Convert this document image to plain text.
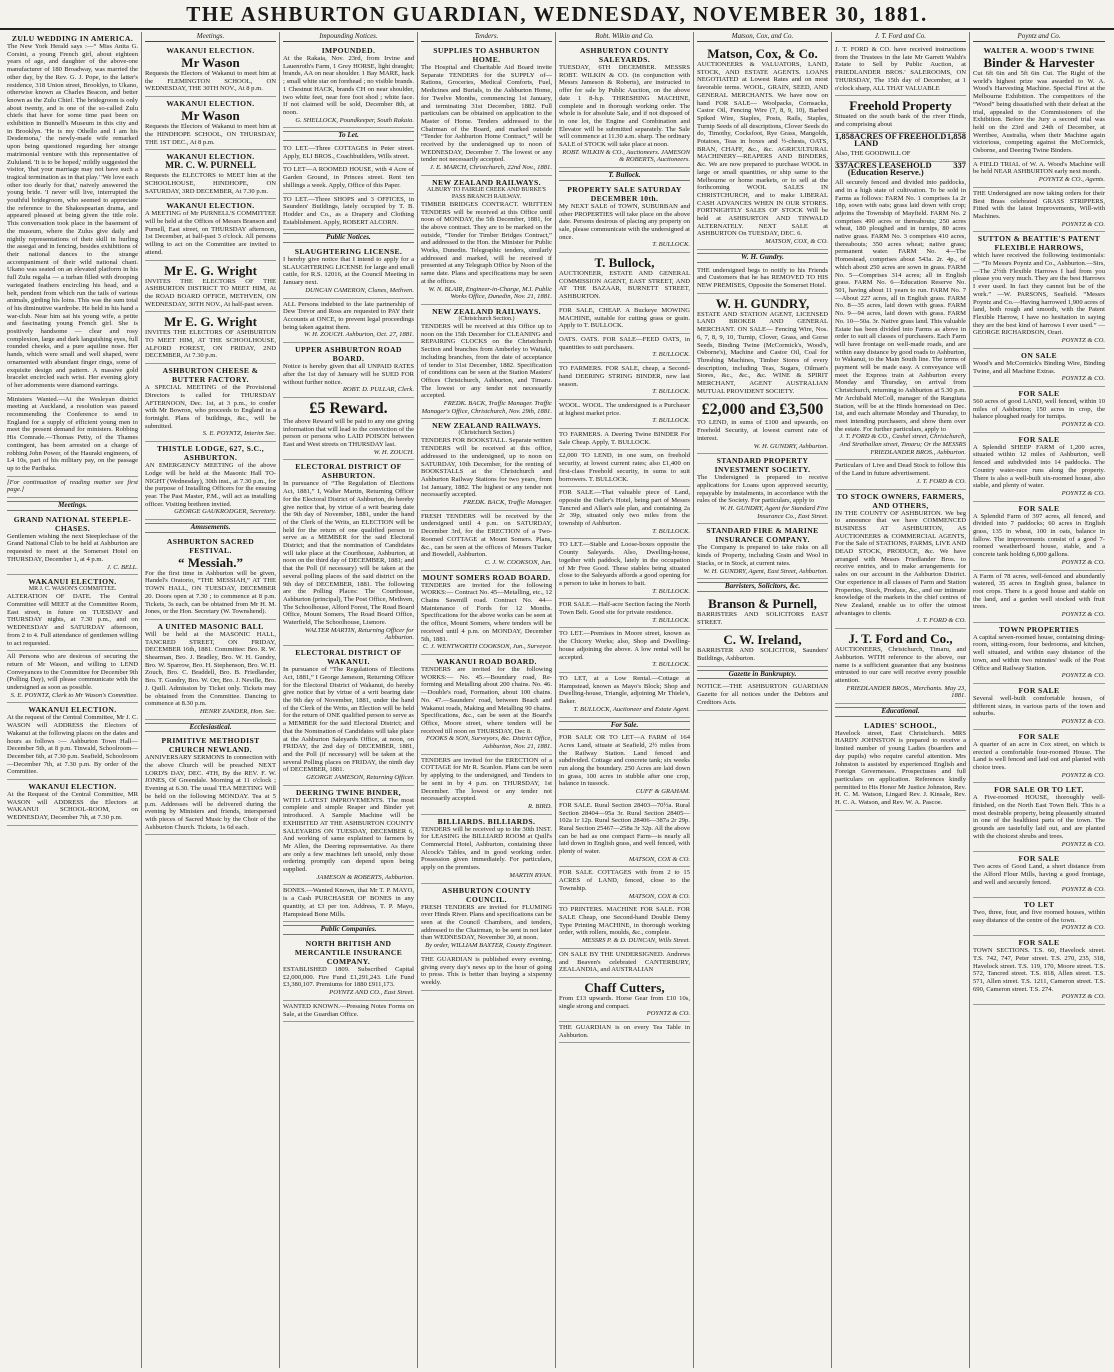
THE ASHBURTON GUARDIAN, WEDNESDAY, NOVEMBER 30, 1881.
ZULU WEDDING IN AMERICA.
The New York Herald says :—“ Miss Anita G. Corsini, a young French girl, about eighteen years of age, and daughter of the above-one manufacturer of 180 Broadway, was married the other day, by the Rev. G. J. Pope, to the latter's residence, 318 Union street, Brooklyn, to Ukano, otherwise known as Charles Beacon, and better known as the Zulu Chief. The bridegroom is only about twenty, and is one of the so-called Zulu chiefs that have for some time past been on exhibition in Bunnell's Museum in this city and in Brooklyn. 'He is my Othello and I am his Desdemona,' the newly-made wife remarked upon being questioned regarding her strange matrimonial venture with this representative of Zululand. 'It is to be hoped,' mildly suggested the visitor, 'that your marriage may not have such a tragical termination as in that play.' 'We love each other too dearly for that,' naively answered the young bride. 'I never will live, interrupted the youthful bridegroom, who seemed to appreciate the reference to the Shakespearian drama, and appeared pleased at being given the title role. This conversation took place in the basement of the museum, where the Zulus give daily and nightly representations of their skill in hurling the assegai and in fencing, besides exhibitions of their national dances to the strange accompaniment of their wild national chant. Ukano was seated on an elevated platform in his full Zulu regalia — a turban filled with drooping variegated feathers encircling his head, and a belt, pendent from which run the tails of various animals, girding his loins. This was the sum total of his diminutive wardrobe. He held in his hand a war-club. Near him sat his young wife, a petite and fascinating young French girl. She is positively handsome — clear and rosy complexion, large and dark languishing eyes, full rounded cheeks, and a pure aquiline nose. Her hands, which were small and well shaped, were ornamented with abundant finger rings, some of exquisite design and pattern. A massive gold bracelet encircled each wrist. Her evening glory of her adornments were diamond earrings.
Ministers Wanted.—At the Wesleyan district meeting at Auckland, a resolution was passed recommending the Conference to send to England for a supply of efficient young men to meet the present demand for ministers. Robbing His Comrade.—Thomas Petty, of the Thames contingent, has been arrested on a charge of robbing John Power, of the Hauraki engineers, of L4 10s, part of his military pay, on the passage up to the Parihaka.
[For continuation of reading matter see first page.]
Meetings.
GRAND NATIONAL STEEPLE-CHASES.
Gentlemen wishing the next Steeplechase of the Grand National Club to be held at Ashburton are requested to meet at the Somerset Hotel on THURSDAY, December 1, at 4 p.m.
J. C. BELL.
WAKANUI ELECTION.
MR J. C. WASON'S COMMITTEE.
ALTERATION OF DATE. The Central Committee will MEET at the Committee Room, East street, in future on TUESDAY and THURSDAY nights, at 7.30 p.m., and on WEDNESDAY and SATURDAY afternoon, from 2 to 4. Full attendance of gentlemen willing to act requested.
All Persons who are desirous of securing the return of Mr Wason, and willing to LEND Conveyances to the Committee for December 9th (Polling Day), will please communicate with the undersigned as soon as possible.
S. E. POYNTZ, Clerk to Mr Wason's Committee.
WAKANUI ELECTION.
At the request of the Central Committee, Mr J. C. WASON will ADDRESS the Electors of Wakanui at the following places on the dates and hours as follows :— Ashburton Town Hall—December 5th, at 8 p.m. Tinwald, Schoolroom—December 6th, at 7.30 p.m. Seafield, Schoolroom—December 7th, at 7.30 p.m. By order of the Committee.
WAKANUI ELECTION.
At the Request of the Central Committee, MR WASON will ADDRESS the Electors at WAKANUI SCHOOL-ROOM, on WEDNESDAY, December 7th, at 7.30 p.m.
Meetings.
WAKANUI ELECTION.
Mr Wason
Requests the Electors of Wakanui to meet him at the FLEMINGTON SCHOOL, ON WEDNESDAY, THE 30TH NOV., At 8 p.m.
WAKANUI ELECTION.
Mr Wason
Requests the Electors of Wakanui to meet him at the HINDHOPE SCHOOL, ON THURSDAY, THE 1ST DEC., At 8 p.m.
WAKANUI ELECTION.
MR. C. W. PURNELL
Requests the ELECTORS to MEET him at the SCHOOLHOUSE, HINDHOPE, ON SATURDAY, 3RD DECEMBER, At 7.30 p.m.
WAKANUI ELECTION.
A MEETING of Mr PURNELL'S COMMITTEE will be held at the Offices of Messrs Branson and Purnell, East street, on THURSDAY afternoon, 1st December, at half-past 3 o'clock. All persons willing to act on the Committee are invited to attend.
Mr E. G. Wright
INVITES THE ELECTORS OF THE ASHBURTON DISTRICT TO MEET HIM, At the ROAD BOARD OFFICE, METHVEN, ON WEDNESDAY, 30TH NOV., At half-past seven.
Mr E. G. Wright
INVITES THE ELECTORS OF ASHBURTON TO MEET HIM, AT THE SCHOOLHOUSE, ALFORD FOREST, ON FRIDAY, 2ND DECEMBER, At 7.30 p.m.
ASHBURTON CHEESE & BUTTER FACTORY.
A SPECIAL MEETING of the Provisional Directors is called for THURSDAY AFTERNOON, Dec. 1st, at 3 p.m., to confer with Mr Bowron, who proceeds to England in a fortnight. Plans of buildings, &c., will be submitted.
S. E. POYNTZ, Interim Sec.
THISTLE LODGE, 627, S.C., ASHBURTON.
AN EMERGENCY MEETING of the above Lodge will be held at the Masonic Hall TO-NIGHT (Wednesday), 30th inst., at 7.30 p.m., for the purpose of Installing Officers for the ensuing year. The Past Master, P.M., will act as installing officer. Visiting brethren invited.
GEORGE GAUKRODGER, Secretary.
Amusements.
ASHBURTON SACRED FESTIVAL.
“ Messiah.”
For the first time in Ashburton will be given, Handel's Oratorio, “THE MESSIAH,” AT THE TOWN HALL, ON TUESDAY, DECEMBER 20. Doors open at 7.30 ; to commence at 8 p.m. Tickets, 3s each, can be obtained from Mr H. M. Jones, or the Hon. Secretary (W. Townshend).
A UNITED MASONIC BALL
Will be held at the MASONIC HALL, TANCRED STREET, ON FRIDAY, DECEMBER 16th, 1881. Committee: Bro. R. W. Shearman, Bro. J. Bradley, Bro. W. H. Gundry, Bro. W. Sparrow, Bro. H. Stephenson, Bro. W. H. Zouch, Bro. C. Braddell, Bro. B. Friedlander, Bro. T. Gundry, Bro. W. Orr, Bro. J. Neville, Bro. J. Quill. Admission by Ticket only. Tickets may be obtained from the Committee. Dancing to commence at 8.30 p.m.
HENRY ZANDER, Hon. Sec.
Ecclesiastical.
PRIMITIVE METHODIST CHURCH NEWLAND.
ANNIVERSARY SERMONS In connection with the above Church will be preached NEXT LORD'S DAY, DEC. 4TH, By the REV. F. W. JONES, Of Greendale. Morning at 11 o'clock ; Evening at 6.30. The usual TEA MEETING Will be held on the following MONDAY. Tea at 5 p.m. Addresses will be delivered during the evening by Ministers and friends, interspersed with pieces of Sacred Music by the Choir of the Ashburton Church. Tickets, 1s 6d each.
Impounding Notices.
IMPOUNDED.
At the Rakaia, Nov. 23rd, from Irvine and Lauenroth's Farm, 1 Grey HORSE, light draught; brands, AA on near shoulder. 1 Bay MARE, hack ; small white star on forehead ; no visible brands. 1 Chestnut HACK, brands CH on near shoulder, two white feet, near fore foot shod ; white face. If not claimed will be sold, December 8th, at noon.
G. SHELLOCK, Poundkeeper, South Rakaia.
To Let.
TO LET.—Three COTTAGES in Peter street. Apply, ELI BROS., Coachbuilders, Wills street.
TO LET—A ROOMED HOUSE, with 4 Acre of Garden Ground, in Princes street. Rent ten shillings a week. Apply, Office of this Paper.
TO LET.—Three SHOPS and 3 OFFICES, in Saunders' Buildings, lately occupied by T. B. Hodder and Co., as a Drapery and Clothing Establishment. Apply, ROBERT ALCORN.
Public Notices.
SLAUGHTERING LICENSE.
I hereby give notice that I intend to apply for a SLAUGHTERING LICENSE for large and small cattle, for R.S. 12016, at the Council Meeting in January next.
DUNCAN CAMERON, Clunes, Methven.
ALL Persons indebted to the late partnership of Dew Trevor and Ross are requested to PAY their Accounts at ONCE, to prevent legal proceedings being taken against them.
W. H. ZOUCH. Ashburton, Oct. 27, 1881.
UPPER ASHBURTON ROAD BOARD.
Notice is hereby given that all UNPAID RATES after the 1st day of January will be SUED FOR without further notice.
ROBT. D. PULLAR, Clerk.
£5 Reward.
The above Reward will be paid to any one giving information that will lead to the conviction of the person or persons who LAID POISON between East and West streets on THURSDAY last.
W. H. ZOUCH.
ELECTORAL DISTRICT OF ASHBURTON.
In pursuance of “The Regulation of Elections Act, 1881,” I, Walter Martin, Returning Officer for the Electoral District of Ashburton, do hereby give notice that, by virtue of a writ bearing date the 9th day of November, 1881, under the hand of the Clerk of the Writs, an ELECTION will be held for the return of one qualified person to serve as a MEMBER for the said Electoral District; and that the nomination of Candidates will take place at the Courthouse, Ashburton, at noon on the third day of DECEMBER, 1881; and that the Poll (if necessary) will be taken at the several polling places of the said district on the 9th day of DECEMBER, 1881. The following are the Polling Places: The Courthouse, Ashburton (principal), The Post Office, Methven, The Schoolhouse, Alford Forest, The Road Board Office, Mount Somers, The Road Board Office, Waterfield, The Schoolhouse, Lismore.
WALTER MARTIN, Returning Officer for Ashburton.
ELECTORAL DISTRICT OF WAKANUI.
In pursuance of “The Regulations of Elections Act, 1881,” I George Jameson, Returning Officer for the Electoral District of Wakanui, do hereby give notice that by virtue of a writ bearing date the 9th day of November, 1881, under the hand of the Clerk of the Writs, an Election will be held for the return of ONE qualified person to serve as a MEMBER for the said Electoral District; and that the Nomination of Candidates will take place at the Ashburton Saleyards Office, at noon, on FRIDAY, the 2nd day of DECEMBER, 1881, and the Poll (if necessary) will be taken at the several Polling places on FRIDAY, the ninth day of DECEMBER, 1881.
GEORGE JAMESON, Returning Officer.
DEERING TWINE BINDER,
WITH LATEST IMPROVEMENTS. The most complete and simple Reaper and Binder yet introduced. A Sample Machine will be EXHIBITED AT THE ASHBURTON COUNTY SALEYARDS ON TUESDAY, DECEMBER 6, And working of same explained to farmers by Mr Allen, the Deering representative. As there are only a few machines left unsold, only those ordering promptly can depend upon being supplied.
JAMESON & ROBERTS, Ashburton.
BONES.—Wanted Known, that Mr T. P. MAYO, is a Cash PURCHASER OF BONES in any quantity, at £3 per ton. Address, T. P. Mayo, Hampstead Bone Mills.
Public Companies.
NORTH BRITISH AND MERCANTILE INSURANCE COMPANY.
ESTABLISHED 1809. Subscribed Capital £2,000,000. Fire Fund £1,291,243. Life Fund £3,380,107. Premiums for 1880 £911,173.
POYNTZ AND CO., East Street.
WANTED KNOWN.—Pressing Notes Forms on Sale, at the Guardian Office.
Tenders.
SUPPLIES TO ASHBURTON HOME.
The Hospital and Charitable Aid Board invite Separate TENDERS for the SUPPLY of— Rations, Groceries, Medical Comforts, Fuel, Medicines and Burials, to the Ashburton Home, for Twelve Months, commencing 1st January, and terminating 31st December, 1882. Full particulars can be obtained on application to the Master of Home. Tenders addressed to the Chairman of the Board, and marked outside “Tender for Ashburton Home Contract,” will be received by the undersigned up to noon of WEDNESDAY, December 7. The lowest or any tender not necessarily accepted.
J. E. MARCH, Christchurch, 22nd Nov., 1881.
NEW ZEALAND RAILWAYS.
ALBURY TO FAIRLIE CREEK AND BURKE'S PASS BRANCH RAILWAY.
TIMBER BRIDGES CONTRACT. WRITTEN TENDERS will be received at this Office until noon of MONDAY, the 5th December, 1881, for the above contract. They are to be marked on the outside, “Tender for Timber Bridges Contract,” and addressed to the Hon. the Minister for Public Works, Dunedin. Telegraphic tenders, similarly addressed and marked, will be received if presented at any Telegraph Office by Noon of the same date. Plans and specifications may be seen at the offices.
W. N. BLAIR, Engineer-in-Charge, M.I. Public Works Office, Dunedin, Nov. 21, 1881.
NEW ZEALAND RAILWAYS.
(Christchurch Section.)
TENDERS will be received at this Office up to noon on the 15th December for CLEANING and REPAIRING CLOCKS on the Christchurch Section and branches from Amberley to Waitaki, including branches, from the date of acceptance of tender to 31st December, 1882. Specification of conditions can be seen at the Station Masters' Offices Christchurch, Ashburton, and Timaru. The lowest or any tender not necessarily accepted.
FREDK. BACK, Traffic Manager. Traffic Manager's Office, Christchurch, Nov. 29th, 1881.
NEW ZEALAND RAILWAYS.
(Christchurch Section.)
TENDERS FOR BOOKSTALL. Separate written TENDERS will be received at this office, addressed to the undersigned, up to noon on SATURDAY, 10th December, for the renting of BOOKSTALLS at the Christchurch and Ashburton Railway Stations for two years, from 1st January, 1882. The highest or any tender not necessarily accepted.
FREDK. BACK, Traffic Manager.
FRESH TENDERS will be received by the undersigned until 4 p.m. on SATURDAY, December 3rd, for the ERECTION of a Two-Roomed COTTAGE at Mount Somers. Plans, &c., can be seen at the offices of Messrs Tucker and Bowdell, Ashburton.
C. J. W. COOKSON, Jun.
MOUNT SOMERS ROAD BOARD.
TENDERS are invited for the following WORKS:— Contract No. 45—Metalling, etc., 12 Chains Sawmill road. Contract No. 44—Maintenance of Fords for 12 Months. Specifications for the above works can be seen at the office, Mount Somers, where tenders will be received until 4 p.m. on MONDAY, December 5th, 1881.
C. J. WENTWORTH COOKSON, Jun., Surveyor.
WAKANUI ROAD BOARD.
TENDERS are invited for the following WORKS:— No. 45.—Boundary road, Re-forming and Metalling about 200 chains. No. 46.—Double's road, Formation, about 100 chains. No. 47.—Saunders' road, between Beach and Wakanui roads, Making and Metalling 90 chains. Specifications, &c., can be seen at the Board's Office, Moore street, where tenders will be received till noon on THURSDAY, Dec 8.
FOOKS & SON, Surveyors, &c. District Office, Ashburton, Nov. 21, 1881.
TENDERS are invited for the ERECTION of a COTTAGE for Mr R. Scanlon. Plans can be seen by applying to the undersigned, and Tenders to be sent in by 4 p.m. on THURSDAY, 1st December. The lowest or any tender not necessarily accepted.
R. BIRD.
BILLIARDS. BILLIARDS.
TENDERS will be received up to the 30th INST. for LEASING the BILLIARD ROOM at Quill's Commercial Hotel, Ashburton, containing three Alcock's Tables, and in good working order. Possession given immediately. For particulars, apply on the premises.
MARTIN RYAN.
ASHBURTON COUNTY COUNCIL.
FRESH TENDERS are invited for FLUMING over Hinds River. Plans and specifications can be seen at the Council Chambers, and tenders, addressed to the Chairman, to be sent in not later than WEDNESDAY, November 30, at noon.
By order, WILLIAM BAXTER, County Engineer.
THE GUARDIAN is published every evening, giving every day's news up to the hour of going to press. This is better than buying a sixpenny weekly.
Robt. Wilkin and Co.
ASHBURTON COUNTY SALEYARDS.
TUESDAY, 6TH DECEMBER. MESSRS ROBT. WILKIN & CO. (in conjunction with Messrs Jameson & Roberts), are instructed to offer for sale by Public Auction, on the above date 1 8-h.p. THRESHING MACHINE, complete and in thorough working order. The whole is for absolute Sale, and if not disposed of in one lot, the Engine and Combination and Elevator will be submitted separately. The Sale will commence at 11.30 a.m. sharp. The ordinary SALE of STOCK will take place at noon.
ROBT. WILKIN & CO., Auctioneers. JAMESON & ROBERTS, Auctioneers.
T. Bullock.
PROPERTY SALE SATURDAY DECEMBER 10th.
My NEXT SALE of TOWN, SUBURBAN and other PROPERTIES will take place on the above date. Persons desirous of placing any property on sale, please communicate with the undersigned at once.
T. BULLOCK.
T. Bullock,
AUCTIONEER, ESTATE AND GENERAL COMMISSION AGENT, EAST STREET, AND AT THE BAZAAR, BURNETT STREET, ASHBURTON.
FOR SALE, CHEAP. A Buckeye MOWING MACHINE, suitable for cutting grass or grain. Apply to T. BULLOCK.
OATS. OATS. FOR SALE—FEED OATS, in quantities to suit purchasers.
T. BULLOCK.
TO FARMERS. FOR SALE, cheap, a Second-hand DEERING STRING BINDER, new last season.
T. BULLOCK.
WOOL. WOOL. The undersigned is a Purchaser at highest market price.
T. BULLOCK.
TO FARMERS. A Deering Twine BINDER For Sale Cheap. Apply, T. BULLOCK.
£2,000 TO LEND, in one sum, on freehold security, at lowest current rates; also £1,400 on first-class Freehold security, in sums to suit borrowers. T. BULLOCK.
FOR SALE.—That valuable piece of Land, opposite the Ostler's Hotel, being part of Messrs Tancred and Allan's sale plan, and containing 2a 2r 39p, situated only two miles from the township of Ashburton.
T. BULLOCK.
TO LET.—Stable and Loose-boxes opposite the County Saleyards. Also, Dwelling-house, together with paddock, lately in the occupation of Mr Free Good. These stables being situated close to the Saleyards affords a good opening for a person to take in horses to bait.
T. BULLOCK.
FOR SALE.—Half-acre Section facing the North Town Belt. Good site for private residence.
T. BULLOCK.
TO LET.—Premises in Moore street, known as the Chicory Works; also, Shop and Dwelling-house adjoining the above. A low rental will be accepted.
T. BULLOCK.
TO LET, at a Low Rental.—Cottage at Hampstead, known as Mayo's Block; Shop and Dwelling-house, Triangle, adjoining Mr Thiele's, Baker.
T. BULLOCK, Auctioneer and Estate Agent.
For Sale.
FOR SALE OR TO LET—A FARM of 164 Acres Land, situate at Seafield, 2½ miles from the Railway Station. Land fenced and subdivided. Cottage and concrete tank; six weeks run along the boundary. 250 Acres are laid down in grass, 100 acres in stubble after one crop, balance in tussock.
CUFF & GRAHAM.
FOR SALE. Rural Section 28403—70½a. Rural Section 28404—95a 3r. Rural Section 28405—102a 1r 12p. Rural Section 28406—387a 2r 29p. Rural Section 25467—258a 3r 32p. All the above can be had as one compact Farm—is nearly all laid down in English grass, and well fenced, with plenty of water.
MATSON, COX & CO.
FOR SALE. COTTAGES with from 2 to 15 ACRES of LAND, fenced, close to the Township.
MATSON, COX & CO.
TO PRINTERS. MACHINE FOR SALE. FOR SALE Cheap, one Second-hand Double Demy Type Printing MACHINE, in thorough working order, with rollers, moulds, &c., complete.
MESSRS P. & D. DUNCAN, Wills Street.
ON SALE BY THE UNDERSIGNED. Andrews and Beaven's celebrated CANTERBURY, ZEALANDIA, and AUSTRALIAN
Chaff Cutters,
From £13 upwards. Horse Gear from £10 10s, single strong and compact.
POYNTZ & CO.
THE GUARDIAN is on every Tea Table in Ashburton.
Matson, Cox, and Co.
Matson, Cox, & Co.
AUCTIONEERS & VALUATORS, LAND, STOCK, AND ESTATE AGENTS. LOANS NEGOTIATED at Lowest Rates and on most favorable terms. WOOL, GRAIN, SEED, AND GENERAL MERCHANTS. We have now on hand FOR SALE— Woolpacks, Cornsacks, Castor Oil, Fencing Wire (7, 8, 9, 10), Barbed Spiked Wire, Staples, Posts, Rails, Staples, Turnip Seeds of all descriptions, Clover Seeds do do, Timothy, Cocksfoot, Rye Grass, Mangolds, Potatoes, Teas in boxes and ½-chests, OATS, BRAN, CHAFF, &c., &c. AGRICULTURAL MACHINERY—REAPERS AND BINDERS, &c. We are now prepared to purchase WOOL in large or small quantities, or ship same to the Melbourne or home markets, or to sell at the forthcoming WOOL SALES IN CHRISTCHURCH, and to make LIBERAL CASH ADVANCES WHEN IN OUR STORES. FORTNIGHTLY SALES OF STOCK Will be held at ASHBURTON AND TINWALD ALTERNATELY. NEXT SALE at ASHBURTON On TUESDAY, DEC. 6.
MATSON, COX, & CO.
W. H. Gundry.
THE undersigned begs to notify to his Friends and Customers that he has REMOVED TO HIS NEW PREMISES, Opposite the Somerset Hotel.
W. H. GUNDRY,
ESTATE AND STATION AGENT, LICENSED LAND BROKER AND GENERAL MERCHANT. ON SALE— Fencing Wire, Nos. 6, 7, 8, 9, 10, Turnip, Clover, Grass, and Gorse Seeds, Binding Twine (McCormick's, Wood's, Osborne's), Machine and Castor Oil, Coal for Threshing Machines, Timber Stores of every description, including Teas, Sugars, Oilman's Stores, &c., &c., &c. WINE & SPIRIT MERCHANT, AGENT AUSTRALIAN MUTUAL PROVIDENT SOCIETY.
£2,000 and £3,500
TO LEND, in sums of £100 and upwards, on Freehold Security, at lowest current rate of interest.
W. H. GUNDRY, Ashburton.
STANDARD PROPERTY INVESTMENT SOCIETY.
The Undersigned is prepared to receive applications for Loans upon approved security, repayable by instalments, in accordance with the rules of the Society. For particulars, apply to
W. H. GUNDRY, Agent for Standard Fire Insurance Co., East Street.
STANDARD FIRE & MARINE INSURANCE COMPANY.
The Company is prepared to take risks on all kinds of Property, including Grain and Wool in Stacks, or in Stock, at current rates.
W. H. GUNDRY, Agent, East Street, Ashburton.
Barristers, Solicitors, &c.
Branson & Purnell,
BARRISTERS AND SOLICITORS EAST STREET.
C. W. Ireland,
BARRISTER AND SOLICITOR, Saunders' Buildings, Ashburton.
Gazette in Bankruptcy.
NOTICE.—THE ASHBURTON GUARDIAN Gazette for all notices under the Debtors and Creditors Acts.
J. T. Ford and Co.
J. T. FORD & CO. have received instructions from the Trustees in the late Mr Garrett Walsh's Estate to Sell by Public Auction, at FRIEDLANDER BROS.' SALEROOMS, ON THURSDAY, The 15th day of December, at 1 o'clock sharp, ALL THAT VALUABLE
Freehold Property
Situated on the south bank of the river Hinds, and comprising about
1,858 ACRES OF FREEHOLD LAND
1,858
Also, THE GOODWILL OF
337 ACRES LEASEHOLD (Education Reserve.)
337
All securely fenced and divided into paddocks, and in a high state of cultivation. To be sold in Farms as follows: FARM No. 1 comprises 1a 2r 18p, sown with oats; grass laid down with crop; adjoins the Township of Mayfield. FARM No. 2 comprises 490 acres or thereabouts; 250 acres wheat, 180 ploughed and in turnips, 80 acres native grass. FARM No. 3 comprises 410 acres, thereabouts; 350 acres wheat; native grass; permanent water. FARM No. 4—The Homestead, comprises about 543a. 2r. 4p., of which about 250 acres are sown in grass. FARM No. 5—Comprises 314 acres; all in English grass. FARM No. 6—Education Reserve No. 501, having about 11 years to run. FARM No. 7—About 227 acres, all in English grass. FARM No. 8—35 acres, laid down with grass. FARM No. 9—94 acres, laid down with grass. FARM No. 10—50a. 3r. Native grass land. This valuable Estate has been divided into Farms as above in order to suit all classes of purchasers. Each Farm will have frontage on well-made roads, and are within easy distance by good roads to Ashburton, to Wakanui, to the Main South line. The terms of payment will be made easy. A conveyance will meet the Express train at Ashburton every Monday and Thursday, on arrival from Christchurch, returning to Ashburton at 5.30 p.m. Mr Archibald McColl, manager of the Rangitata Station, will be at the Hinds homestead on Dec. 1st, and each alternate Monday and Thursday, to meet intending purchasers, and show them over the estate. For further particulars, apply to
J. T. FORD & CO., Cashel street, Christchurch, And Strathallan street, Timaru; Or the MESSRS FRIEDLANDER BROS., Ashburton.
Particulars of Live and Dead Stock to follow this of the Land in future advertisement.
J. T. FORD & CO.
TO STOCK OWNERS, FARMERS, AND OTHERS,
IN THE COUNTY OF ASHBURTON. We beg to announce that we have COMMENCED BUSINESS AT ASHBURTON, AS AUCTIONEERS & COMMERCIAL AGENTS, For the Sale of STATIONS, FARMS, LIVE AND DEAD STOCK, PRODUCE, &c. We have arranged with Messrs Friedlander Bros. to receive entries, and to make arrangements for sales on our account in the Ashburton District. Our experience in all classes of Farm and Station Properties, Stock, Produce, &c., and our intimate knowledge of the markets in the chief centres of New Zealand, enable us to offer the utmost advantages to clients.
J. T. FORD & CO.
J. T. Ford and Co.,
AUCTIONEERS, Christchurch, Timaru, and Ashburton. WITH reference to the above, our name is a sufficient guarantee that any business entrusted to our care will receive every possible attention.
FRIEDLANDER BROS., Merchants. May 23, 1881.
Educational.
LADIES' SCHOOL,
Havelock street, East Christchurch. MRS HARDY JOHNSTON is prepared to receive a limited number of young Ladies (boarders and day pupils) who require careful attention. Mrs Johnston is assisted by experienced English and Foreign Governesses. Prospectuses and full particulars on application. References kindly permitted to His Honor Mr Justice Johnston, Rev. H. C. M. Watson, Lingard Rev. J. Kinsale, Rev. H. C. A. Watson, and Rev. W. A. Pascoe.
Poyntz and Co.
WALTER A. WOOD'S TWINE
Binder & Harvester
Cut 6ft 6in and 5ft 6in Cut. The Right of the world's highest prize was awarded to W. A. Wood's Harvesting Machine. Special First at the Melbourne Exhibition. The competitors of the “Wood” being dissatisfied with their defeat at the trial, appealed to the Commissioners of the Exhibition. Before the Jury a second trial was held on the 23rd and 24th of December, at Werribee, Australia, when their Machine again victorious, competing against the McCormick, Osborne, and Deering Twine Binders.
A FIELD TRIAL of W. A. Wood's Machine will be held NEAR ASHBURTON early next month.
POYNTZ & CO., Agents.
THE Undersigned are now taking orders for their Best Brass celebrated GRASS STRIPPERS, Fitted with the latest Improvements, Will-with Machines.
POYNTZ & CO.
SUTTON & BEATTIE'S PATENT FLEXIBLE HARROWS,
which have received the following testimonials:— “To Messrs Poyntz and Co., Ashburton.—Sirs,—The 2½th Flexible Harrows I had from you please you very much. They are the best Harrows I ever used. In fact they cannot but be of the work.” —W. PARSONS, Seafield. “Messrs Poyntz and Co.—Having harrowed 1,900 acres of land, both rough and smooth, with the Patent Flexible Harrow, I have no hesitation in saying they are the best kind of harrows I ever used.” —GEORGE RICHARDSON, Orari.
POYNTZ & CO.
ON SALE
Wood's and McCormick's Binding Wire, Binding Twine, and all Machine Extras.
POYNTZ & CO.
FOR SALE
560 acres of good LAND, well fenced, within 10 miles of Ashburton; 150 acres in crop, the balance ploughed ready for turnips.
POYNTZ & CO.
FOR SALE
A Splendid SHEEP FARM of 1,200 acres, situated within 12 miles of Ashburton, well fenced and subdivided into 14 paddocks. The Country water-race runs along the property. There is also a well-built six-roomed house, also stable, and plenty of water.
POYNTZ & CO.
FOR SALE
A Splendid Farm of 397 acres, all fenced, and divided into 7 paddocks; 60 acres in English grass, 135 in wheat, 100 in oats, balance in fallow. The improvements consist of a good 7-roomed weatherboard house, stable, and a concrete tank holding 6,000 gallons.
POYNTZ & CO.
A Farm of 78 acres, well-fenced and abundantly watered, 35 acres in English grass, balance in root crops. There is a good house and stable on the land, and a garden well stocked with fruit trees.
POYNTZ & CO.
TOWN PROPERTIES
A capital seven-roomed house, containing dining-room, sitting-room, four bedrooms, and kitchen, well situated, and within easy distance of the town, and within two minutes' walk of the Post Office and Railway Station.
POYNTZ & CO.
FOR SALE
Several well-built comfortable houses, of different sizes, in various parts of the town and suburbs.
POYNTZ & CO.
FOR SALE
A quarter of an acre in Cox street, on which is erected a comfortable four-roomed House. The Land is well fenced and laid out and planted with choice trees.
POYNTZ & CO.
FOR SALE OR TO LET.
A Five-roomed HOUSE, thoroughly well-finished, on the North East Town Belt. This is a most desirable property, being pleasantly situated in one of the healthiest parts of the town. The grounds are tastefully laid out, and are planted with the choicest shrubs and trees.
POYNTZ & CO.
FOR SALE
Two acres of Good Land, a short distance from the Alford Flour Mills, having a good frontage, and well and securely fenced.
POYNTZ & CO.
TO LET
Two, three, four, and five roomed houses, within easy distance of the centre of the town.
POYNTZ & CO.
FOR SALE
TOWN SECTIONS. T.S. 60, Havelock street. T.S. 742, 747, Peter street. T.S. 270, 235, 318, Havelock street. T.S. 119, 170, Moore street. T.S. 572, Tancred street. T.S. 818, Allen street. T.S. 571, Allen street. T.S. 1211, Cameron street. T.S. 690, Cameron street. T.S. 274.
POYNTZ & CO.
